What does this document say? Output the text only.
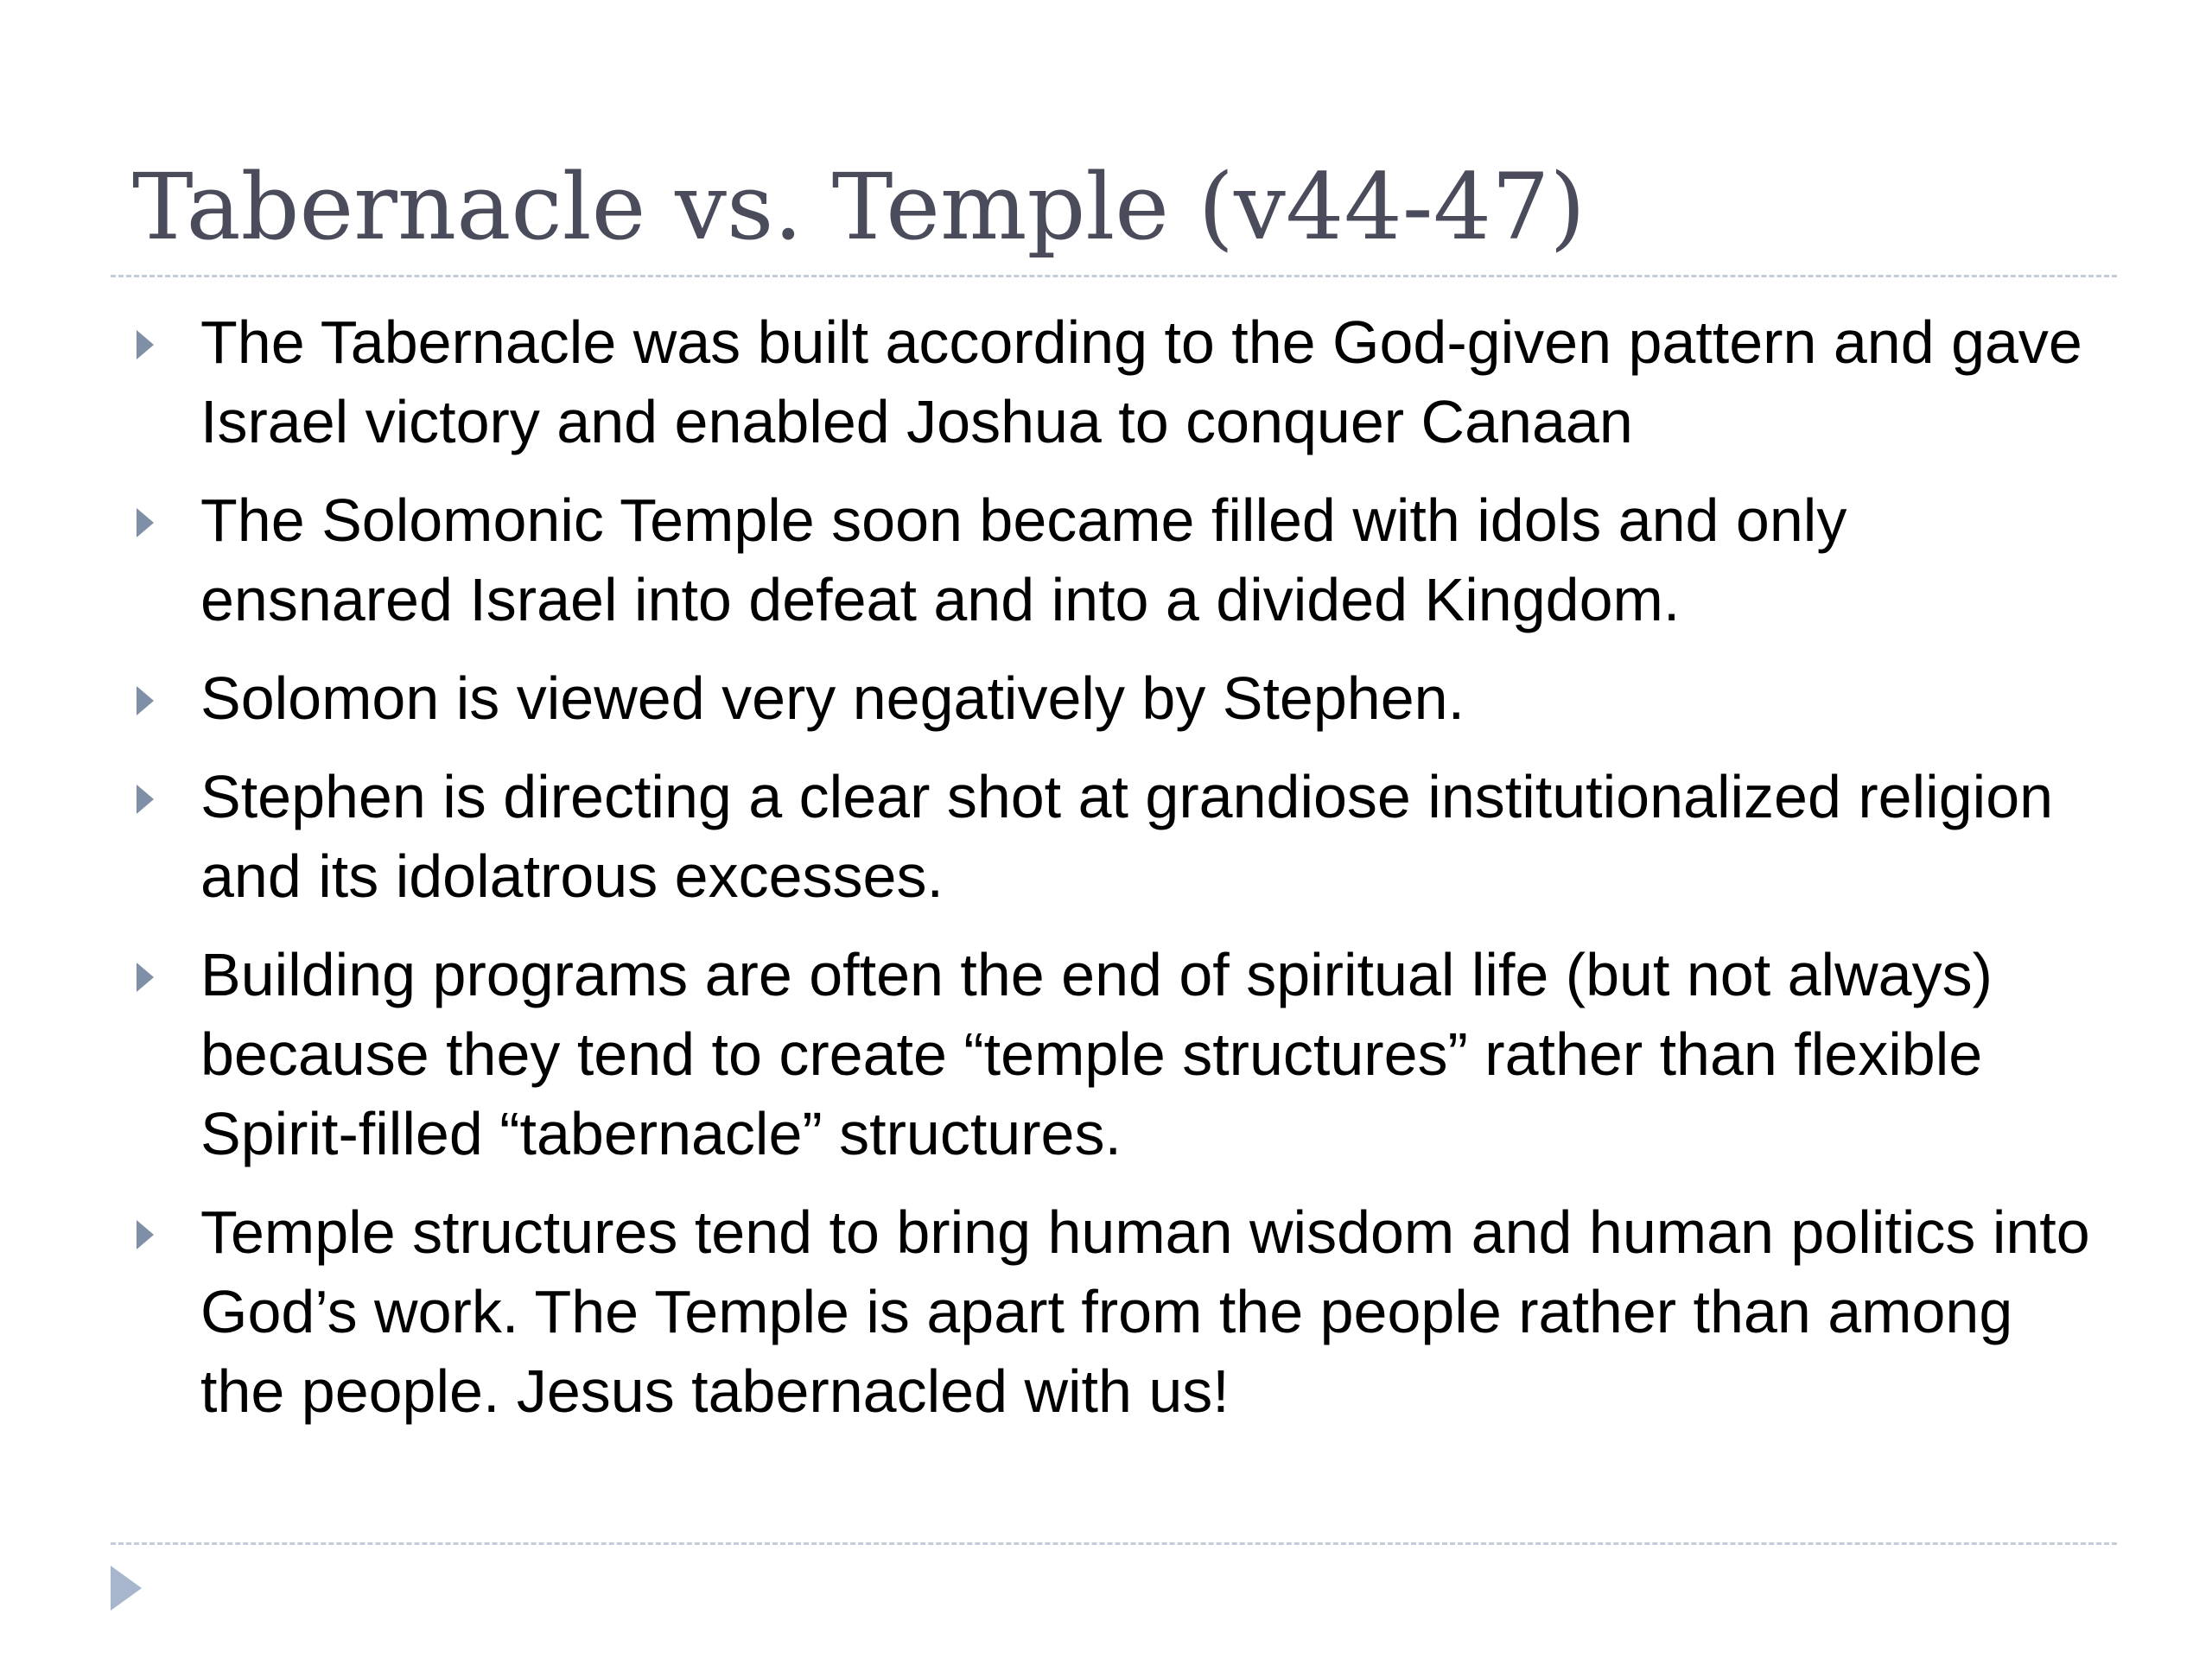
Tabernacle vs. Temple (v44-47)
The Tabernacle was built according to the God-given pattern and gave Israel victory and enabled Joshua to conquer Canaan
The Solomonic Temple soon became filled with idols and only ensnared Israel into defeat and into a divided Kingdom.
Solomon is viewed very negatively by Stephen.
Stephen is directing a clear shot at grandiose institutionalized religion and its idolatrous excesses.
Building programs are often the end of spiritual life (but not always) because they tend to create “temple structures” rather than flexible Spirit-filled “tabernacle” structures.
Temple structures tend to bring human wisdom and human politics into God’s work. The Temple is apart from the people rather than among the people. Jesus tabernacled with us!
